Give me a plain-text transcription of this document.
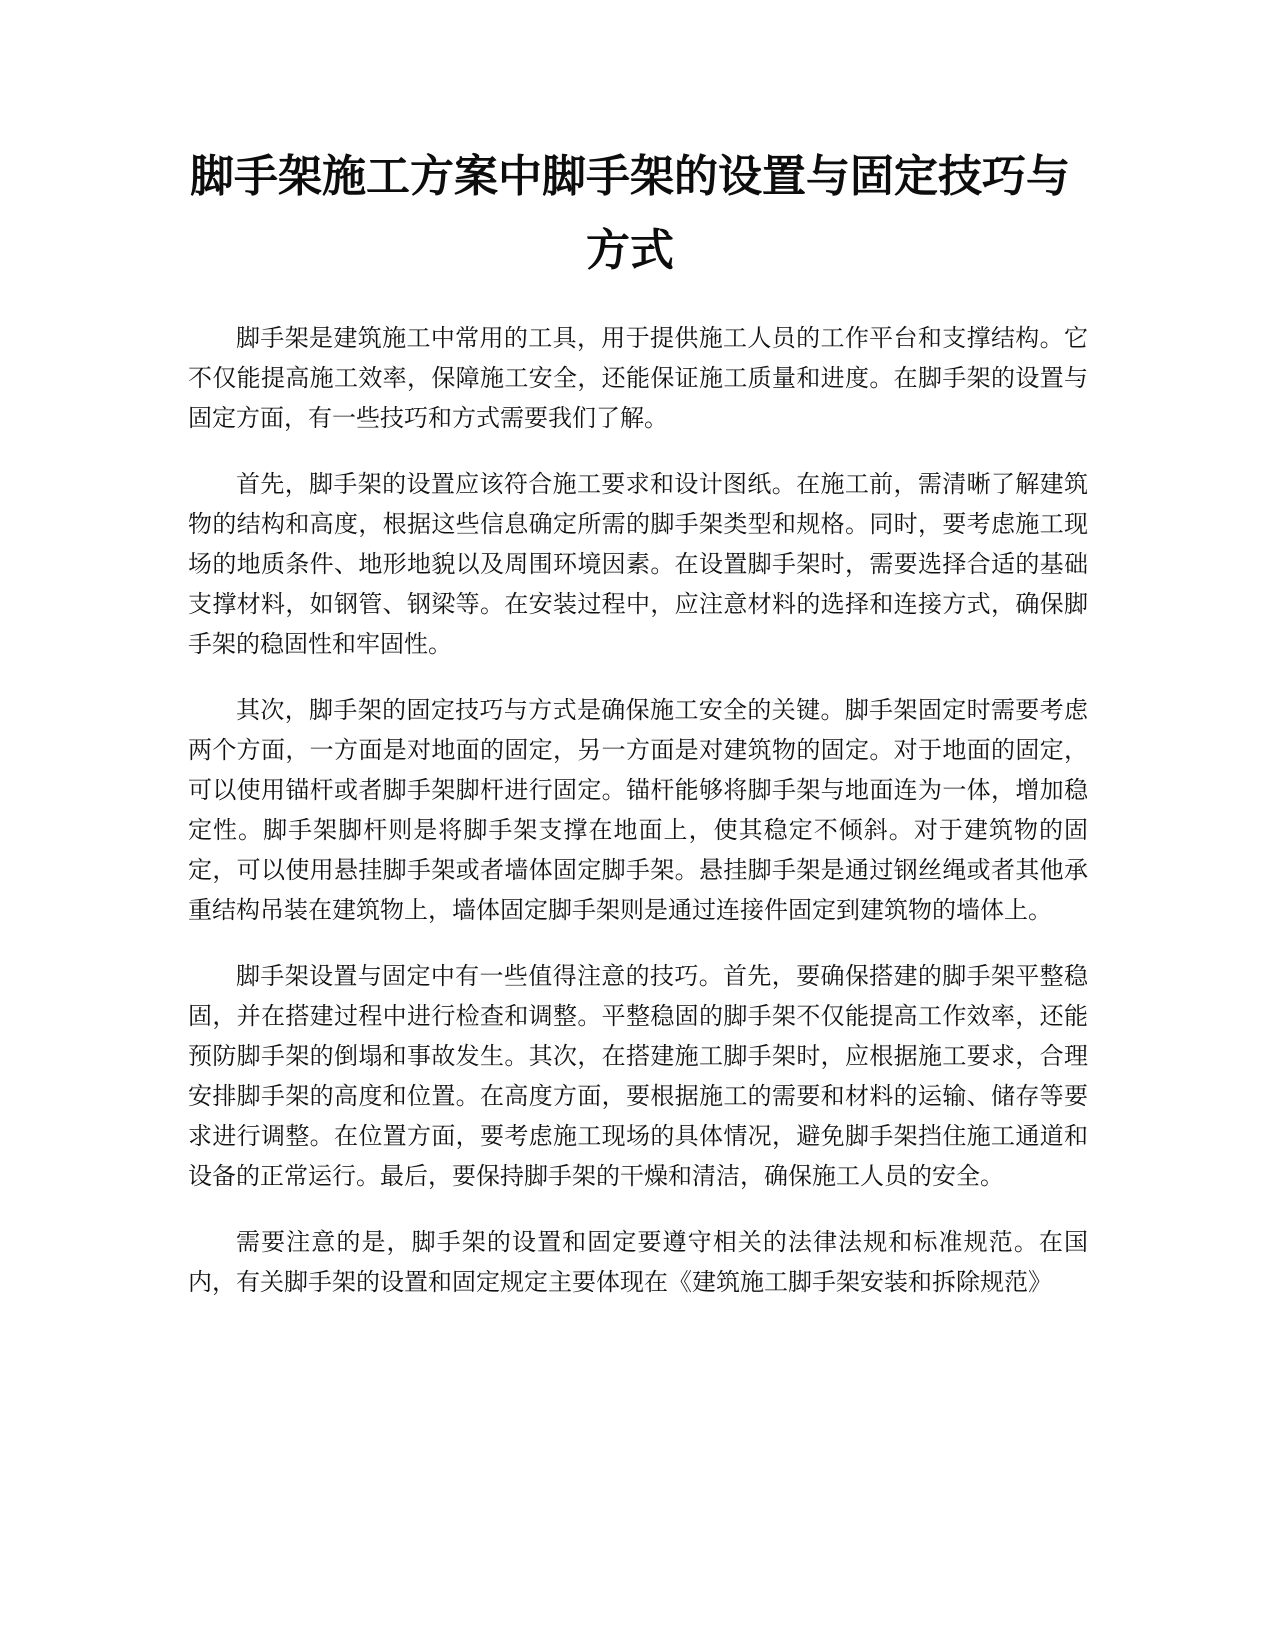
脚手架施工方案中脚手架的设置与固定技巧与方式

脚手架是建筑施工中常用的工具，用于提供施工人员的工作平台和支撑结构。它不仅能提高施工效率，保障施工安全，还能保证施工质量和进度。在脚手架的设置与固定方面，有一些技巧和方式需要我们了解。

首先，脚手架的设置应该符合施工要求和设计图纸。在施工前，需清晰了解建筑物的结构和高度，根据这些信息确定所需的脚手架类型和规格。同时，要考虑施工现场的地质条件、地形地貌以及周围环境因素。在设置脚手架时，需要选择合适的基础支撑材料，如钢管、钢梁等。在安装过程中，应注意材料的选择和连接方式，确保脚手架的稳固性和牢固性。

其次，脚手架的固定技巧与方式是确保施工安全的关键。脚手架固定时需要考虑两个方面，一方面是对地面的固定，另一方面是对建筑物的固定。对于地面的固定，可以使用锚杆或者脚手架脚杆进行固定。锚杆能够将脚手架与地面连为一体，增加稳定性。脚手架脚杆则是将脚手架支撑在地面上，使其稳定不倾斜。对于建筑物的固定，可以使用悬挂脚手架或者墙体固定脚手架。悬挂脚手架是通过钢丝绳或者其他承重结构吊装在建筑物上，墙体固定脚手架则是通过连接件固定到建筑物的墙体上。

脚手架设置与固定中有一些值得注意的技巧。首先，要确保搭建的脚手架平整稳固，并在搭建过程中进行检查和调整。平整稳固的脚手架不仅能提高工作效率，还能预防脚手架的倒塌和事故发生。其次，在搭建施工脚手架时，应根据施工要求，合理安排脚手架的高度和位置。在高度方面，要根据施工的需要和材料的运输、储存等要求进行调整。在位置方面，要考虑施工现场的具体情况，避免脚手架挡住施工通道和设备的正常运行。最后，要保持脚手架的干燥和清洁，确保施工人员的安全。

需要注意的是，脚手架的设置和固定要遵守相关的法律法规和标准规范。在国内，有关脚手架的设置和固定规定主要体现在《建筑施工脚手架安装和拆除规范》
